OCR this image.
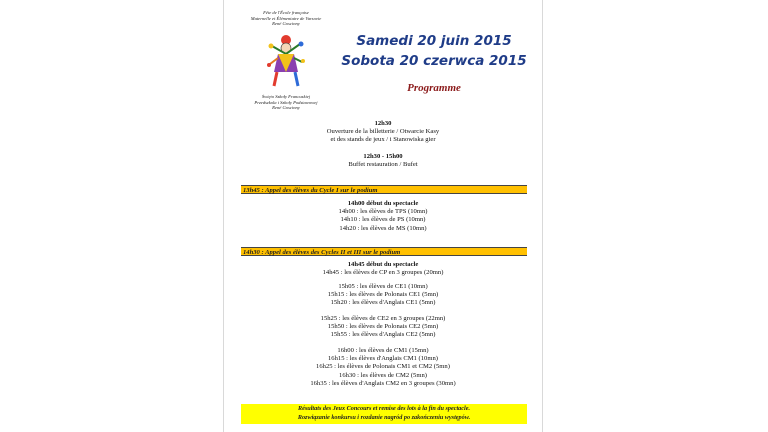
Fête de l'École française
Maternelle et Élémentaire de Varsovie
René Goscinny
Święto Szkoły Francuskiej
Przedszkola i Szkoły Podstawowej
René Goscinny
Samedi 20 juin 2015
Sobota 20 czerwca 2015
Programme
12h30
Ouverture de la billetterie / Otwarcie Kasy
et des stands de jeux / i Stanowiska gier
12h30 - 15h00
Buffet restauration / Bufet
13h45 : Appel des élèves du Cycle I sur le podium
14h00 début du spectacle
14h00 : les élèves de TPS (10mn)
14h10 : les élèves de PS (10mn)
14h20 : les élèves de MS (10mn)
14h30 : Appel des élèves des Cycles II et III sur le podium
14h45 début du spectacle
14h45 : les élèves de CP en 3 groupes (20mn)
15h05 : les élèves de CE1 (10mn)
15h15 : les élèves de Polonais CE1 (5mn)
15h20 : les élèves d'Anglais CE1 (5mn)
15h25 : les élèves de CE2 en 3 groupes (22mn)
15h50 : les élèves de Polonais CE2 (5mn)
15h55 : les élèves d'Anglais CE2 (5mn)
16h00 : les élèves de CM1 (15mn)
16h15 : les élèves d'Anglais CM1 (10mn)
16h25 : les élèves de Polonais CM1 et CM2 (5mn)
16h30 : les élèves de CM2 (5mn)
16h35 : les élèves d'Anglais CM2 en 3 groupes (30mn)
Résultats des Jeux Concours et remise des lots à la fin du spectacle.
Rozwiązanie konkursu i rozdanie nagród po zakończeniu występów.
